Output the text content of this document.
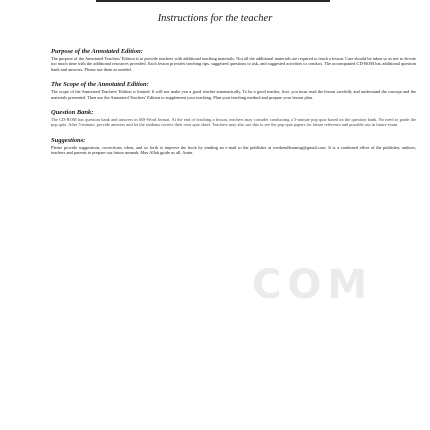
Instructions for the teacher
Purpose of the Annotated Edition:

The purpose of the Annotated Teachers' Edition is to provide teachers with additional teaching materials. Not all the additional materials are required to teach a lesson. Care should be taken so as not to devote too much time with the additional resources provided. Each lesson provides teaching tips, suggested questions to ask, and suggested activities to conduct. The accompanied CD-ROM has additional question bank and answers. Please use them as needed.

The Scope of the Annotated Edition:

The scope of the Annotated Teachers' Edition is limited. It will not make you a good teacher automatically. To be a good teacher, first, you must read the lesson carefully and understand the concept and the materials presented. Then use the Annotated Teachers' Edition to supplement your teaching. Plan your teaching method and prepare your lesson plan.

Question Bank:

The CD-ROM has question bank and answers in MS-Word format. At the end of teaching a lesson, teachers may consider conducting a 5-minute pop quiz based on the question bank. No need to grade the pop quiz. After 5-minute, provide answers and let the students correct their own quiz sheet. Teachers may also use this to see the pop quiz papers for future reference and possible use in future exam.

Suggestions:

Please provide suggestions, corrections, ideas, and so forth to improve the book by sending an e-mail to the publisher at weekendlearning@gmail.com. It is a combined effort of the publisher, authors, teachers and parents to prepare our future ummah. May Allah guide us all. Amin.

COM
